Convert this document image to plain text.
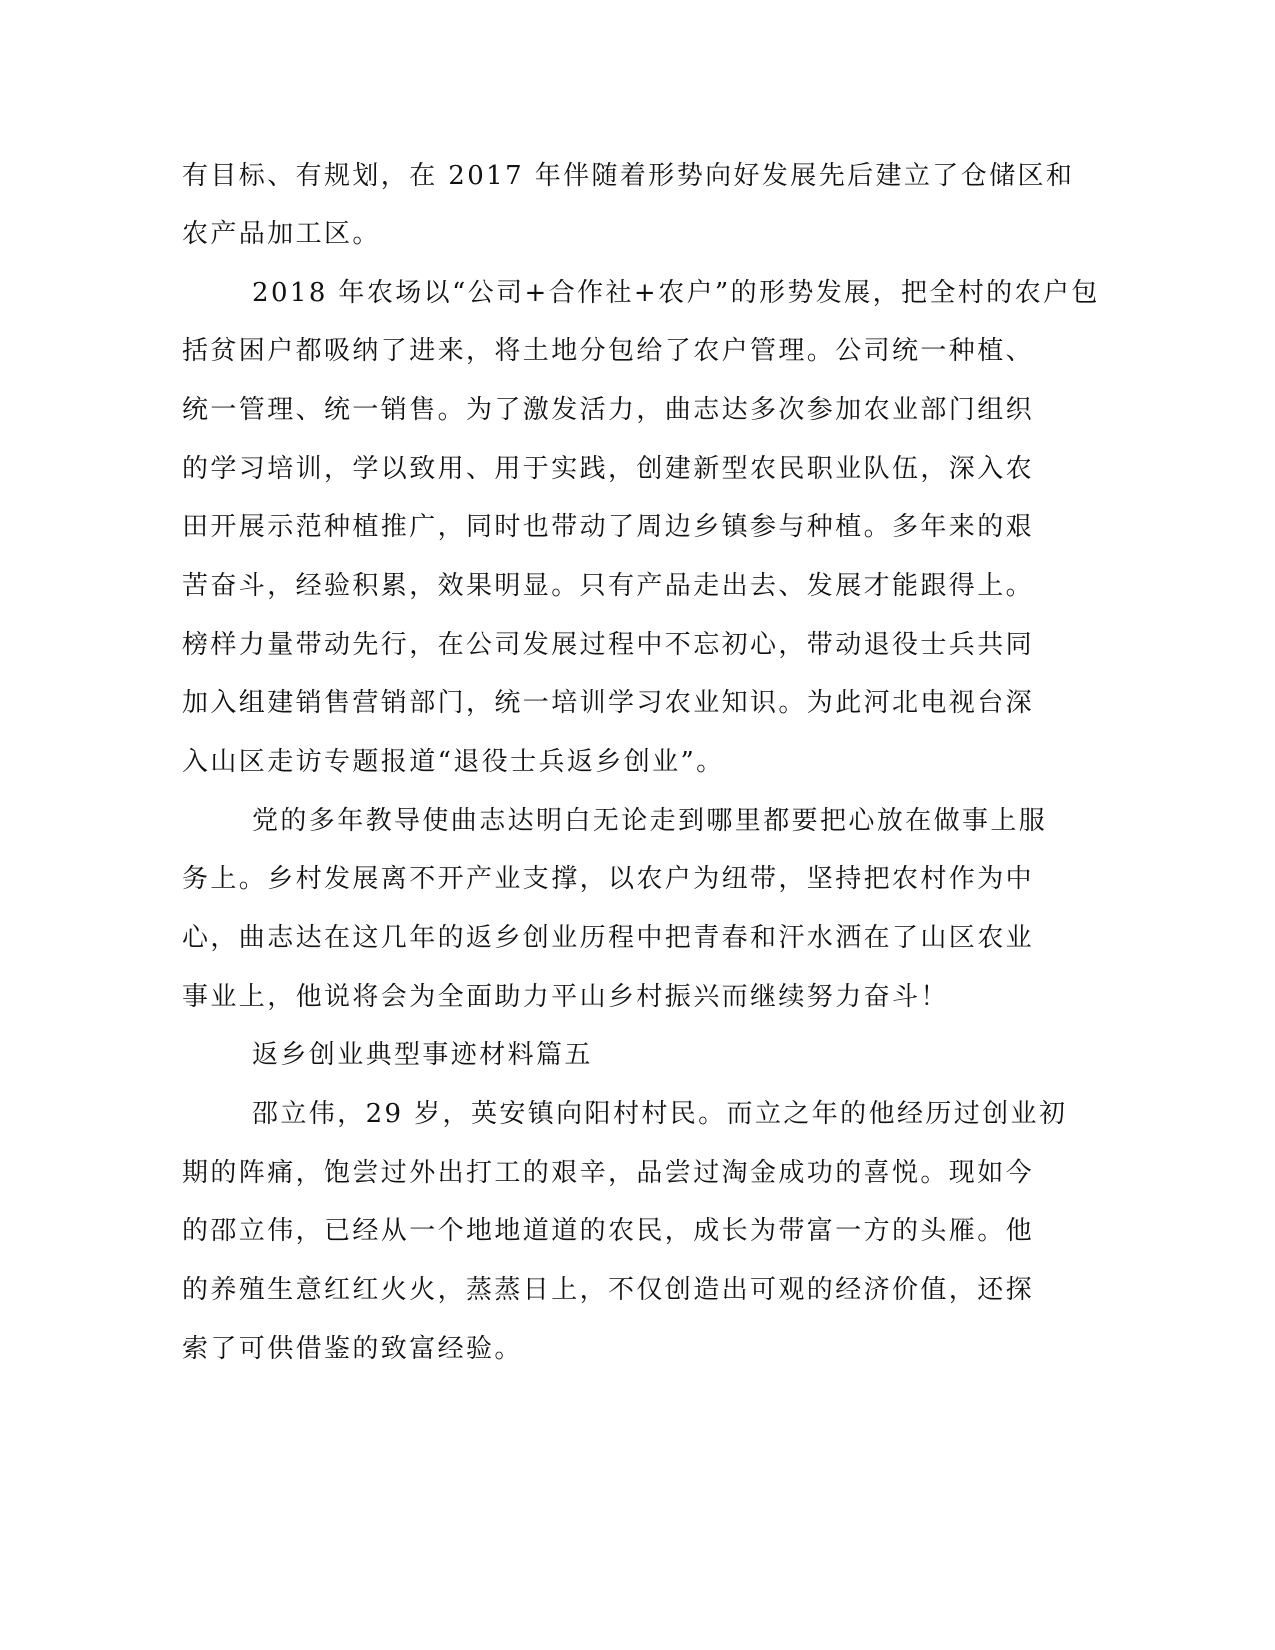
有目标、有规划，在 2017 年伴随着形势向好发展先后建立了仓储区和
农产品加工区。
2018 年农场以“公司+合作社+农户”的形势发展，把全村的农户包
括贫困户都吸纳了进来，将土地分包给了农户管理。公司统一种植、
统一管理、统一销售。为了激发活力，曲志达多次参加农业部门组织
的学习培训，学以致用、用于实践，创建新型农民职业队伍，深入农
田开展示范种植推广，同时也带动了周边乡镇参与种植。多年来的艰
苦奋斗，经验积累，效果明显。只有产品走出去、发展才能跟得上。
榜样力量带动先行，在公司发展过程中不忘初心，带动退役士兵共同
加入组建销售营销部门，统一培训学习农业知识。为此河北电视台深
入山区走访专题报道“退役士兵返乡创业”。
党的多年教导使曲志达明白无论走到哪里都要把心放在做事上服
务上。乡村发展离不开产业支撑，以农户为纽带，坚持把农村作为中
心，曲志达在这几年的返乡创业历程中把青春和汗水洒在了山区农业
事业上，他说将会为全面助力平山乡村振兴而继续努力奋斗！
返乡创业典型事迹材料篇五
邵立伟，29 岁，英安镇向阳村村民。而立之年的他经历过创业初
期的阵痛，饱尝过外出打工的艰辛，品尝过淘金成功的喜悦。现如今
的邵立伟，已经从一个地地道道的农民，成长为带富一方的头雁。他
的养殖生意红红火火，蒸蒸日上，不仅创造出可观的经济价值，还探
索了可供借鉴的致富经验。
